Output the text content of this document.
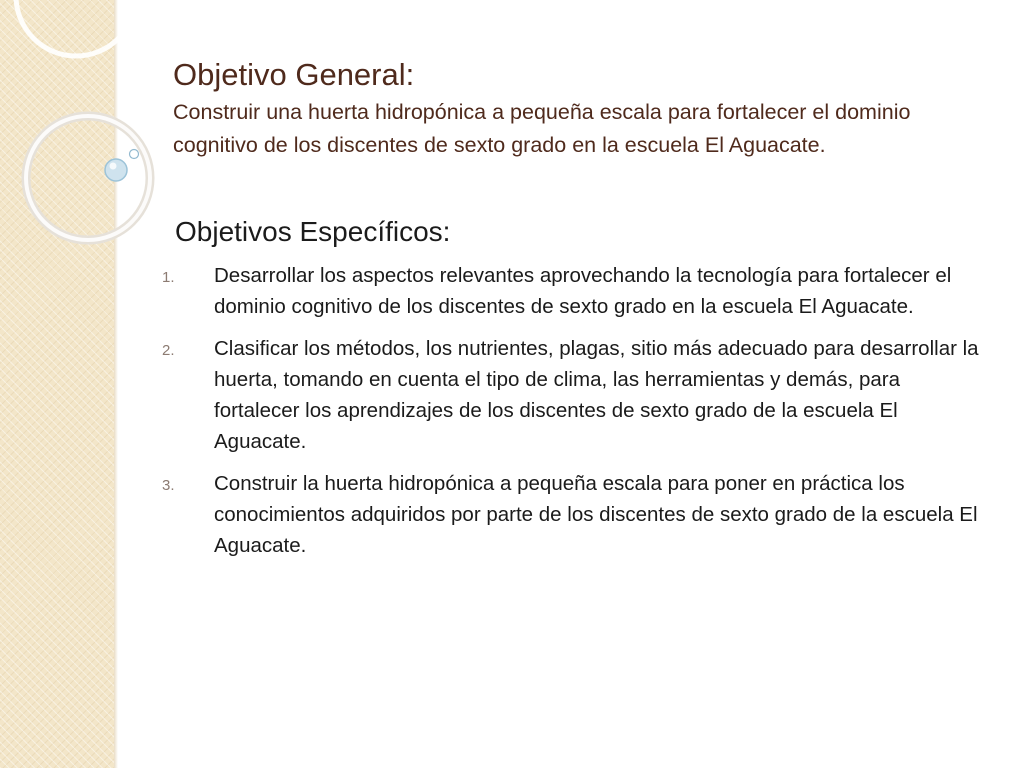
Objetivo General:

Construir una huerta hidropónica a pequeña escala para fortalecer el dominio cognitivo de los discentes de sexto grado en la escuela El Aguacate.

Objetivos Específicos:
1. Desarrollar los aspectos relevantes aprovechando la tecnología para fortalecer el dominio cognitivo de los discentes de sexto grado en la escuela El Aguacate.
2. Clasificar los métodos, los nutrientes, plagas, sitio más adecuado para desarrollar la huerta, tomando en cuenta el tipo de clima, las herramientas y demás, para fortalecer los aprendizajes de los discentes de sexto grado de la escuela El Aguacate.
3. Construir la huerta hidropónica a pequeña escala para poner en práctica los conocimientos adquiridos por parte de los discentes de sexto grado de la escuela El Aguacate.
